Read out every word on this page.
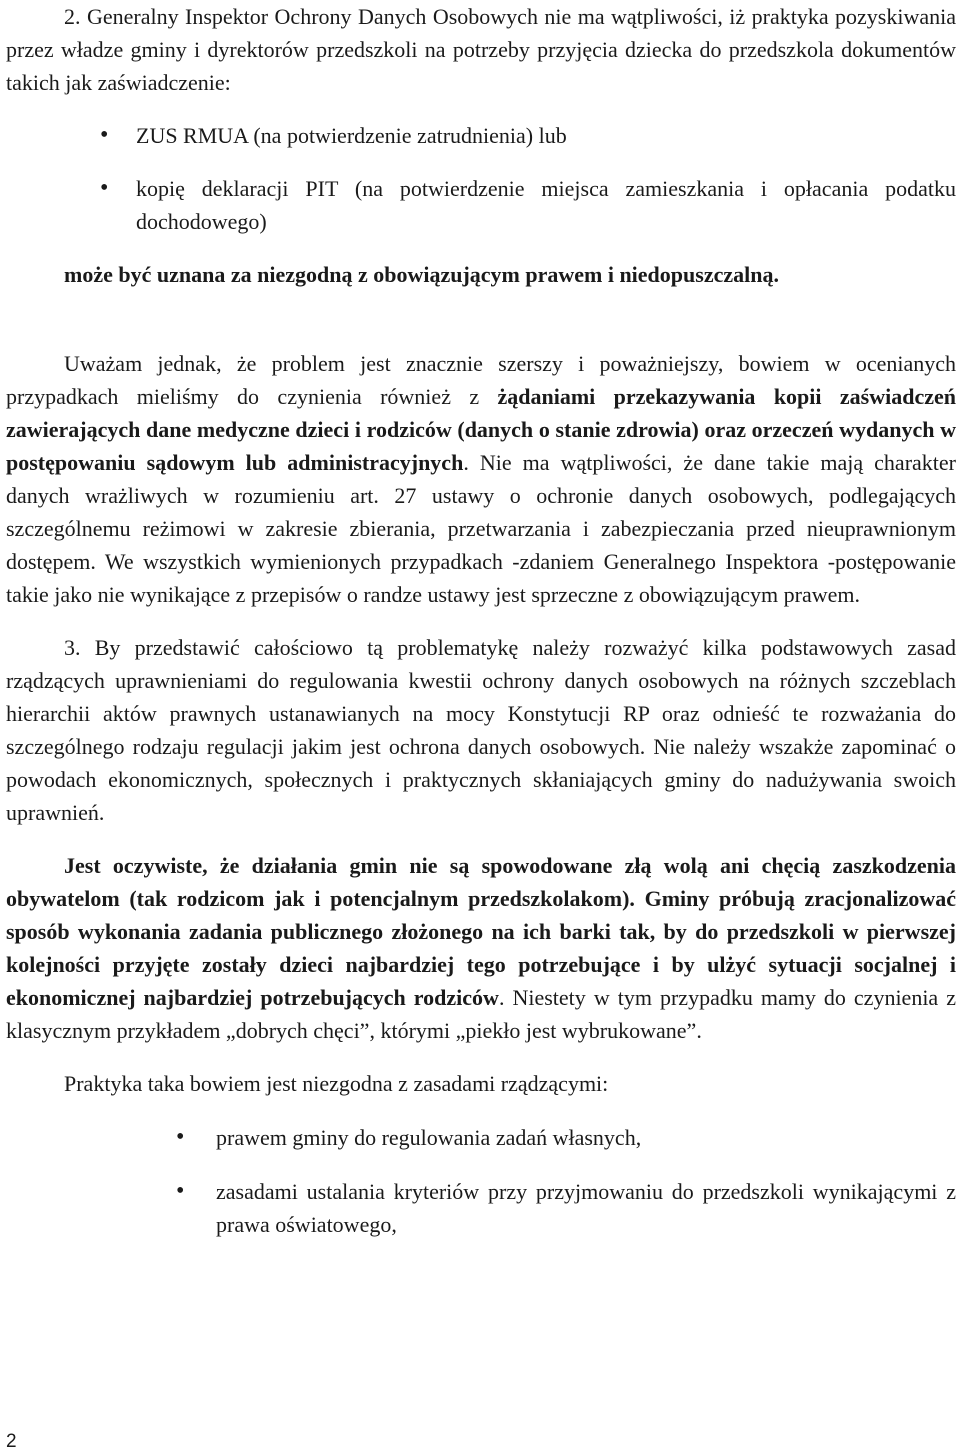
2. Generalny Inspektor Ochrony Danych Osobowych nie ma wątpliwości, iż praktyka pozyskiwania przez władze gminy i dyrektorów przedszkoli na potrzeby przyjęcia dziecka do przedszkola dokumentów takich jak zaświadczenie:

• ZUS RMUA (na potwierdzenie zatrudnienia) lub
• kopię deklaracji PIT (na potwierdzenie miejsca zamieszkania i opłacania podatku dochodowego)

może być uznana za niezgodną z obowiązującym prawem i niedopuszczalną.

Uważam jednak, że problem jest znacznie szerszy i poważniejszy, bowiem w ocenianych przypadkach mieliśmy do czynienia również z żądaniami przekazywania kopii zaświadczeń zawierających dane medyczne dzieci i rodziców (danych o stanie zdrowia) oraz orzeczeń wydanych w postępowaniu sądowym lub administracyjnych. Nie ma wątpliwości, że dane takie mają charakter danych wrażliwych w rozumieniu art. 27 ustawy o ochronie danych osobowych, podlegających szczególnemu reżimowi w zakresie zbierania, przetwarzania i zabezpieczania przed nieuprawnionym dostępem. We wszystkich wymienionych przypadkach -zdaniem Generalnego Inspektora -postępowanie takie jako nie wynikające z przepisów o randze ustawy jest sprzeczne z obowiązującym prawem.

3. By przedstawić całościowo tą problematykę należy rozważyć kilka podstawowych zasad rządzących uprawnieniami do regulowania kwestii ochrony danych osobowych na różnych szczeblach hierarchii aktów prawnych ustanawianych na mocy Konstytucji RP oraz odnieść te rozważania do szczególnego rodzaju regulacji jakim jest ochrona danych osobowych. Nie należy wszakże zapominać o powodach ekonomicznych, społecznych i praktycznych skłaniających gminy do nadużywania swoich uprawnień.

Jest oczywiste, że działania gmin nie są spowodowane złą wolą ani chęcią zaszkodzenia obywatelom (tak rodzicom jak i potencjalnym przedszkolakom). Gminy próbują zracjonalizować sposób wykonania zadania publicznego złożonego na ich barki tak, by do przedszkoli w pierwszej kolejności przyjęte zostały dzieci najbardziej tego potrzebujące i by ulżyć sytuacji socjalnej i ekonomicznej najbardziej potrzebujących rodziców. Niestety w tym przypadku mamy do czynienia z klasycznym przykładem „dobrych chęci”, którymi „piekło jest wybrukowane”.

Praktyka taka bowiem jest niezgodna z zasadami rządzącymi:

• prawem gminy do regulowania zadań własnych,
• zasadami ustalania kryteriów przy przyjmowaniu do przedszkoli wynikającymi z prawa oświatowego,
2
